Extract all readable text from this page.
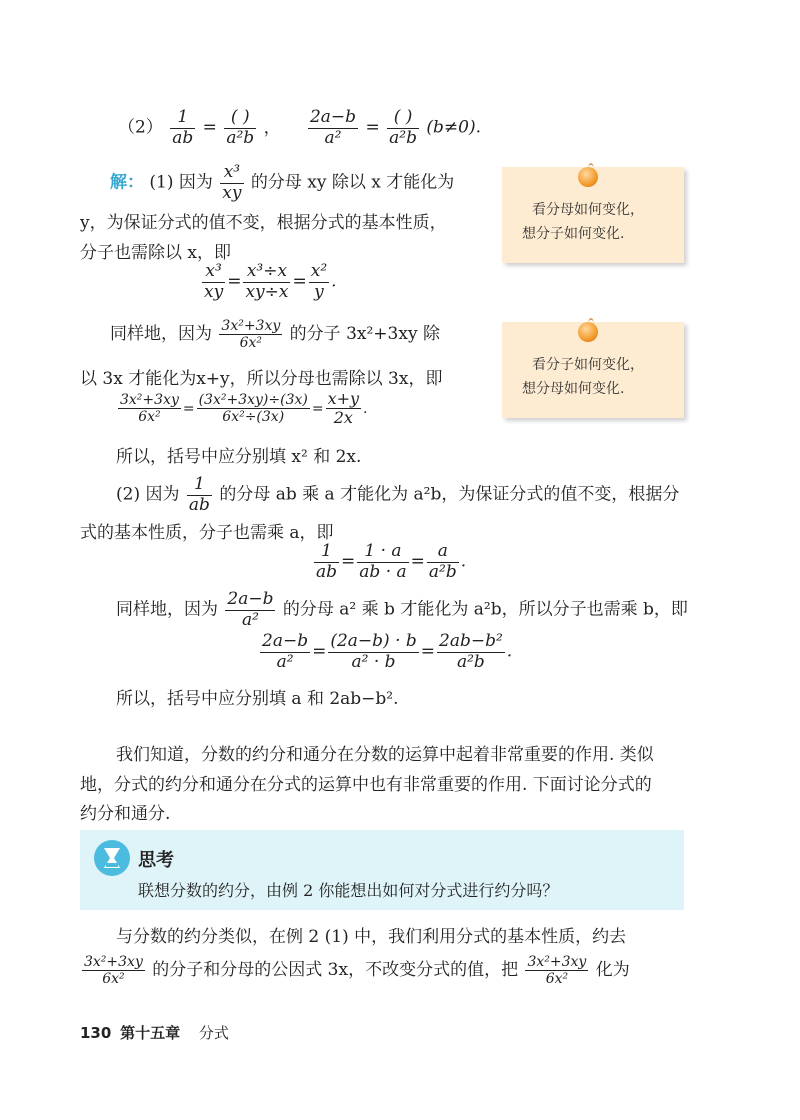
$(2) \frac{1}{ab} = \frac{( )}{\text{a²b}}$ ， $\frac{2a-b}{\text{a²}} = \frac{( )}{\text{a²b}} (b\ne 0)$.
解： (1) 因为 $\frac{\text{x³}}{xy}$ 的分母 xy 除以 x 才能化为
y，为保证分式的值不变，根据分式的基本性质，
分子也需除以 x，即
$\frac{\text{x³}}{xy} = \frac{\text{x³÷x}}{xy\div x} = \frac{\text{x²}}{y}$ .
同样地，因为 $\frac{\text{3x²+3xy}}{\text{6x²}}$ 的分子 3x²+3xy 除
以 3x 才能化为x+y，所以分母也需除以 3x，即
$\frac{\text{3x²+3xy}}{\text{6x²}} = \frac{\text{(3x²+3xy)÷(3x)}}{\text{6x²÷(3x)}} = \frac{x+y}{2x}$ .
所以，括号中应分别填 x² 和 2x.
(2) 因为 $\frac{1}{ab}$ 的分母 ab 乘 a 才能化为 a²b，为保证分式的值不变，根据分
式的基本性质，分子也需乘 a，即
$\frac{1}{ab} = \frac{1 \cdot a}{ab \cdot a} = \frac{a}{\text{a²b}}$ .
同样地，因为 $\frac{2a-b}{\text{a²}}$ 的分母 a² 乘 b 才能化为 a²b，所以分子也需乘 b，即
$\frac{2a-b}{\text{a²}} = \frac{(2a-b) \cdot b}{\text{a² · b}} = \frac{\text{2ab−b²}}{\text{a²b}}$ .
所以，括号中应分别填 a 和 2ab−b².
看分母如何变化，
想分子如何变化.
看分子如何变化，
想分母如何变化.
我们知道，分数的约分和通分在分数的运算中起着非常重要的作用. 类似
地，分式的约分和通分在分式的运算中也有非常重要的作用. 下面讨论分式的
约分和通分.
思考
联想分数的约分，由例 2 你能想出如何对分式进行约分吗？
与分数的约分类似，在例 2 (1) 中，我们利用分式的基本性质，约去
$\frac{\text{3x²+3xy}}{\text{6x²}}$ 的分子和分母的公因式 3x，不改变分式的值，把 $\frac{\text{3x²+3xy}}{\text{6x²}}$ 化为
130 第十五章 分式
